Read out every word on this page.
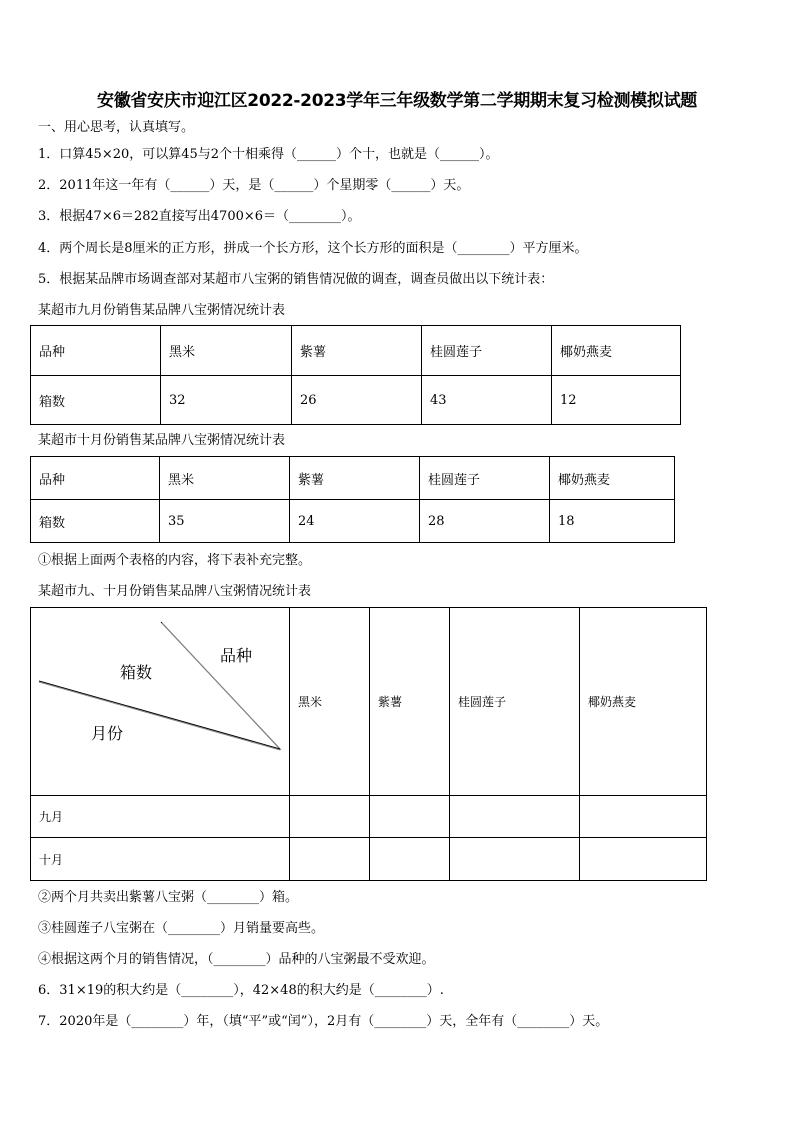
安徽省安庆市迎江区2022-2023学年三年级数学第二学期期末复习检测模拟试题
一、用心思考，认真填写。
1．口算45×20，可以算45与2个十相乘得（______）个十，也就是（______）。
2．2011年这一年有（______）天，是（______）个星期零（______）天。
3．根据47×6＝282直接写出4700×6＝（________）。
4．两个周长是8厘米的正方形，拼成一个长方形，这个长方形的面积是（________）平方厘米。
5．根据某品牌市场调查部对某超市八宝粥的销售情况做的调查，调查员做出以下统计表：
某超市九月份销售某品牌八宝粥情况统计表
品种	黑米	紫薯	桂圆莲子	椰奶燕麦
箱数	32	26	43	12
某超市十月份销售某品牌八宝粥情况统计表
品种	黑米	紫薯	桂圆莲子	椰奶燕麦
箱数	35	24	28	18
①根据上面两个表格的内容，将下表补充完整。
某超市九、十月份销售某品牌八宝粥情况统计表
品种
箱数
月份	黑米	紫薯	桂圆莲子	椰奶燕麦
九月				
十月				
②两个月共卖出紫薯八宝粥（________）箱。
③桂圆莲子八宝粥在（________）月销量要高些。
④根据这两个月的销售情况，（________）品种的八宝粥最不受欢迎。
6．31×19的积大约是（________），42×48的积大约是（________）.
7．2020年是（________）年，（填“平”或“闰”），2月有（________）天，全年有（________）天。
